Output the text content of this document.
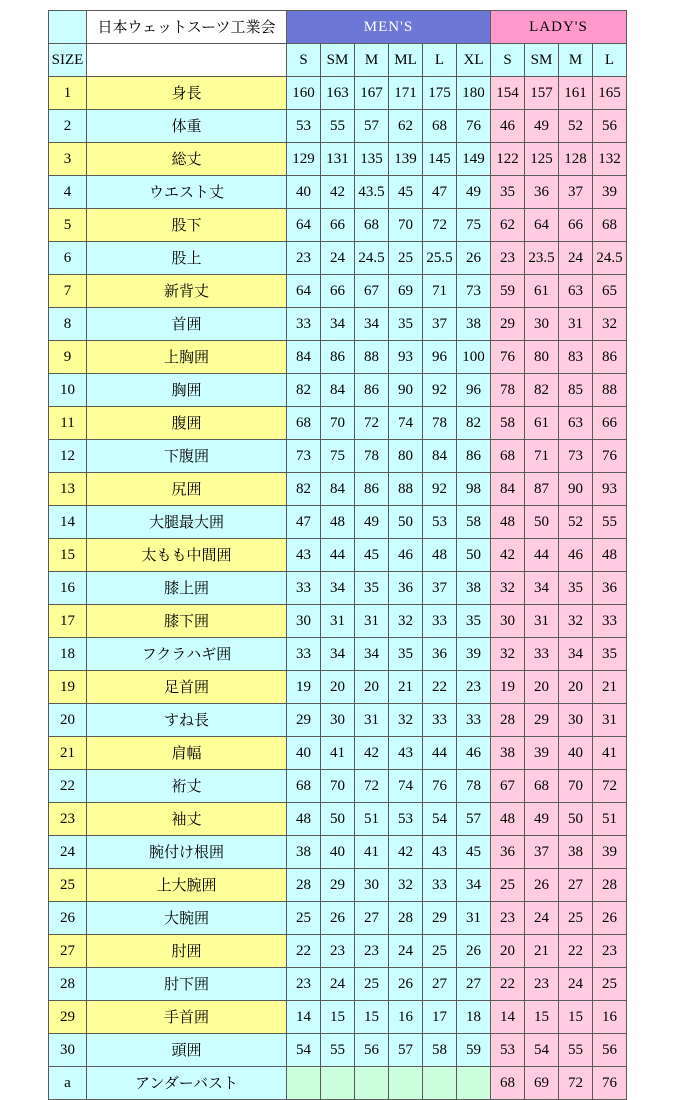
	日本ウェットスーツ工業会	MEN'S						LADY'S			
SIZE		S	SM	M	ML	L	XL	S	SM	M	L
1	身長	160	163	167	171	175	180	154	157	161	165
2	体重	53	55	57	62	68	76	46	49	52	56
3	総丈	129	131	135	139	145	149	122	125	128	132
4	ウエスト丈	40	42	43.5	45	47	49	35	36	37	39
5	股下	64	66	68	70	72	75	62	64	66	68
6	股上	23	24	24.5	25	25.5	26	23	23.5	24	24.5
7	新背丈	64	66	67	69	71	73	59	61	63	65
8	首囲	33	34	34	35	37	38	29	30	31	32
9	上胸囲	84	86	88	93	96	100	76	80	83	86
10	胸囲	82	84	86	90	92	96	78	82	85	88
11	腹囲	68	70	72	74	78	82	58	61	63	66
12	下腹囲	73	75	78	80	84	86	68	71	73	76
13	尻囲	82	84	86	88	92	98	84	87	90	93
14	大腿最大囲	47	48	49	50	53	58	48	50	52	55
15	太もも中間囲	43	44	45	46	48	50	42	44	46	48
16	膝上囲	33	34	35	36	37	38	32	34	35	36
17	膝下囲	30	31	31	32	33	35	30	31	32	33
18	フクラハギ囲	33	34	34	35	36	39	32	33	34	35
19	足首囲	19	20	20	21	22	23	19	20	20	21
20	すね長	29	30	31	32	33	33	28	29	30	31
21	肩幅	40	41	42	43	44	46	38	39	40	41
22	裄丈	68	70	72	74	76	78	67	68	70	72
23	袖丈	48	50	51	53	54	57	48	49	50	51
24	腕付け根囲	38	40	41	42	43	45	36	37	38	39
25	上大腕囲	28	29	30	32	33	34	25	26	27	28
26	大腕囲	25	26	27	28	29	31	23	24	25	26
27	肘囲	22	23	23	24	25	26	20	21	22	23
28	肘下囲	23	24	25	26	27	27	22	23	24	25
29	手首囲	14	15	15	16	17	18	14	15	15	16
30	頭囲	54	55	56	57	58	59	53	54	55	56
a	アンダーバスト							68	69	72	76
